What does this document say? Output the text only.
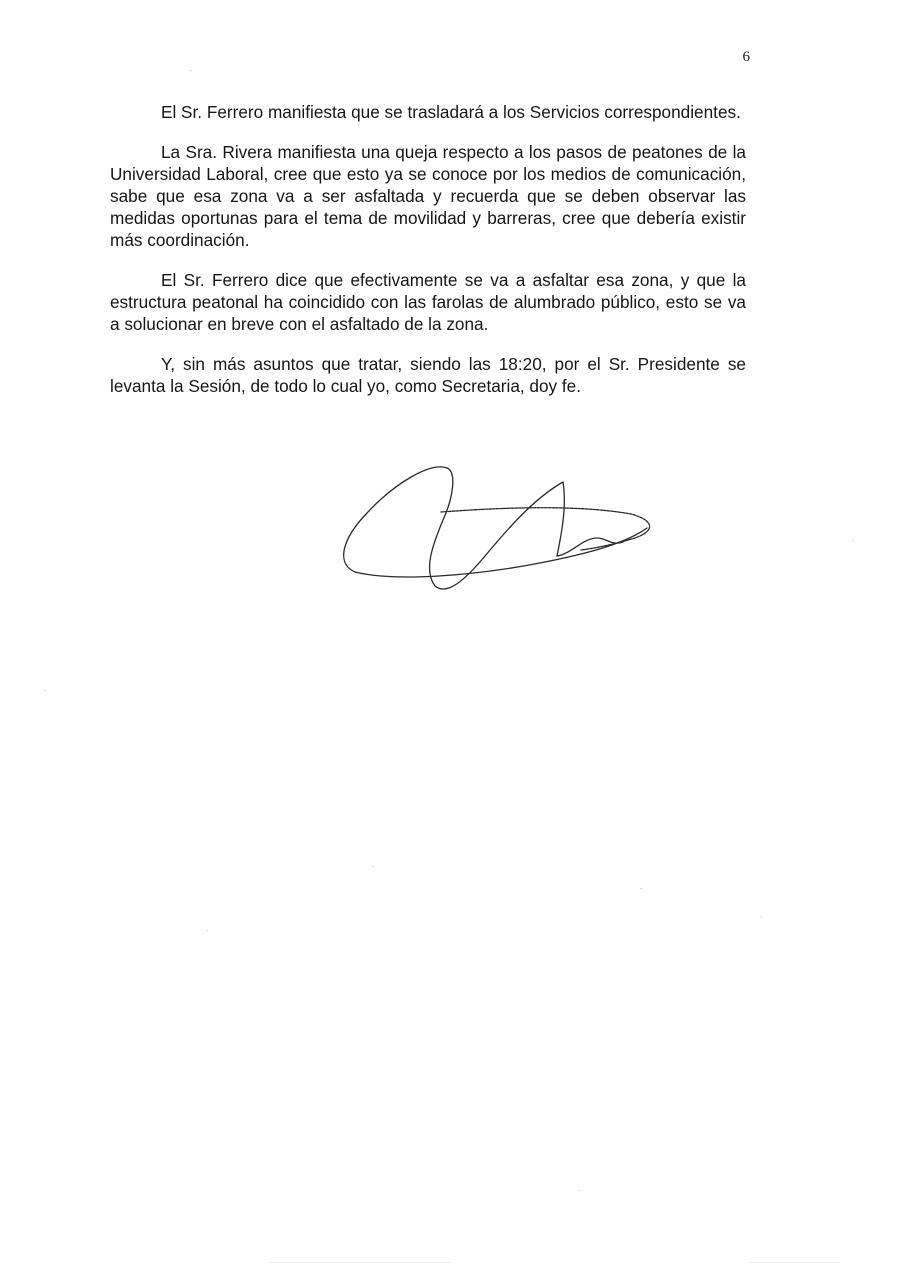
6

El Sr. Ferrero manifiesta que se trasladará a los Servicios correspondientes.

La Sra. Rivera manifiesta una queja respecto a los pasos de peatones de la Universidad Laboral, cree que esto ya se conoce por los medios de comunicación, sabe que esa zona va a ser asfaltada y recuerda que se deben observar las medidas oportunas para el tema de movilidad y barreras, cree que debería existir más coordinación.

El Sr. Ferrero dice que efectivamente se va a asfaltar esa zona, y que la estructura peatonal ha coincidido con las farolas de alumbrado público, esto se va a solucionar en breve con el asfaltado de la zona.

Y, sin más asuntos que tratar, siendo las 18:20, por el Sr. Presidente se levanta la Sesión, de todo lo cual yo, como Secretaria, doy fe.
